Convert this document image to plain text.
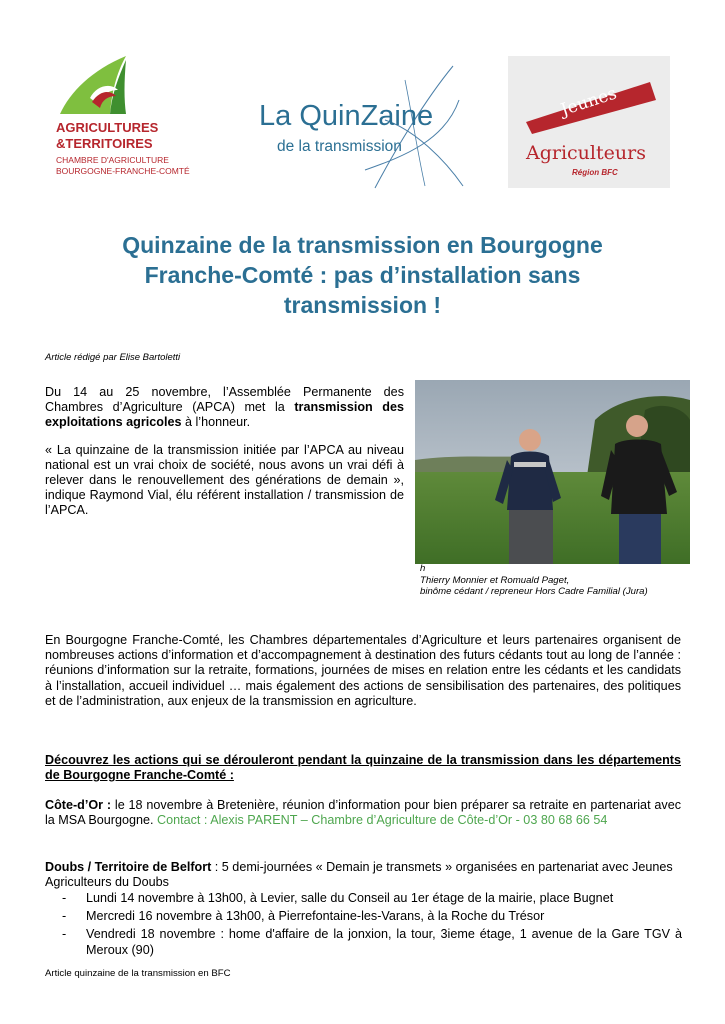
AGRICULTURES
&TERRITOIRES
CHAMBRE D'AGRICULTURE
BOURGOGNE-FRANCHE-COMTÉ
La QuinZaine
de la transmission
Jeunes
Agriculteurs
Région BFC
Quinzaine de la transmission en Bourgogne
Franche-Comté : pas d’installation sans
transmission !
Article rédigé par Elise Bartoletti

Du 14 au 25 novembre, l’Assemblée Permanente des Chambres d’Agriculture (APCA) met la transmission des exploitations agricoles à l’honneur.

« La quinzaine de la transmission initiée par l’APCA au niveau national est un vrai choix de société, nous avons un vrai défi à relever dans le renouvellement des générations de demain », indique Raymond Vial, élu référent installation / transmission de l’APCA.

h
Thierry Monnier et Romuald Paget,
binôme cédant / repreneur Hors Cadre Familial (Jura)
En Bourgogne Franche-Comté, les Chambres départementales d’Agriculture et leurs partenaires organisent de nombreuses actions d’information et d’accompagnement à destination des futurs cédants tout au long de l’année : réunions d’information sur la retraite, formations, journées de mises en relation entre les cédants et les candidats à l’installation, accueil individuel … mais également des actions de sensibilisation des partenaires, des politiques et de l’administration, aux enjeux de la transmission en agriculture.
Découvrez les actions qui se dérouleront pendant la quinzaine de la transmission dans les départements de Bourgogne Franche-Comté :
Côte-d’Or : le 18 novembre à Bretenière, réunion d’information pour bien préparer sa retraite en partenariat avec la MSA Bourgogne. Contact : Alexis PARENT – Chambre d’Agriculture de Côte-d’Or - 03 80 68 66 54
Doubs / Territoire de Belfort : 5 demi-journées « Demain je transmets » organisées en partenariat avec Jeunes Agriculteurs du Doubs
- Lundi 14 novembre à 13h00, à Levier, salle du Conseil au 1er étage de la mairie, place Bugnet
- Mercredi 16 novembre à 13h00, à Pierrefontaine-les-Varans, à la Roche du Trésor
- Vendredi 18 novembre : home d'affaire de la jonxion, la tour, 3ieme étage, 1 avenue de la Gare TGV à Meroux (90)
Article quinzaine de la transmission en BFC
